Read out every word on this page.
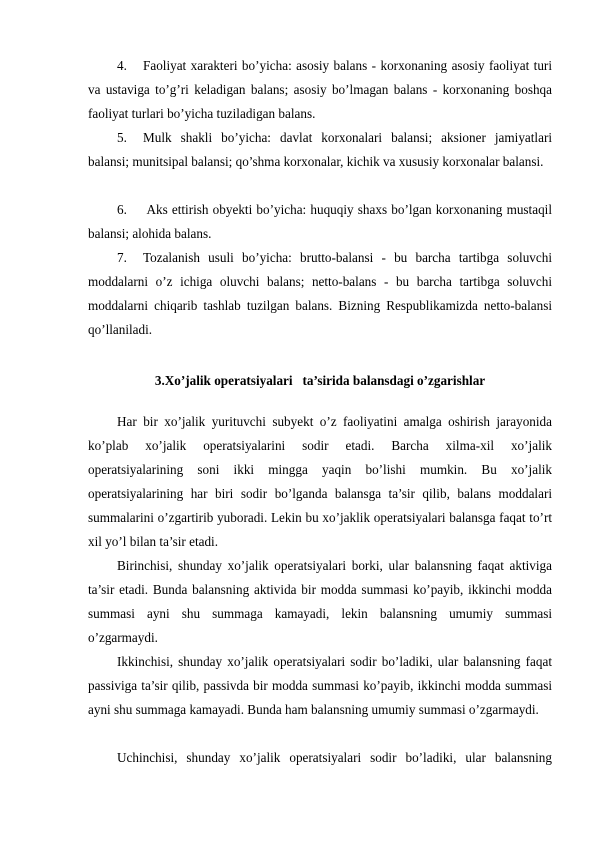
4. Faoliyat xarakteri bo’yicha: asosiy balans - korxonaning asosiy faoliyat turi va ustaviga to’g’ri keladigan balans; asosiy bo’lmagan balans - korxonaning boshqa faoliyat turlari bo’yicha tuziladigan balans.

5. Mulk shakli bo’yicha: davlat korxonalari balansi; aksioner jamiyatlari balansi; munitsipal balansi; qo’shma korxonalar, kichik va xususiy korxonalar balansi.

6. Aks ettirish obyekti bo’yicha: huquqiy shaxs bo’lgan korxonaning mustaqil balansi; alohida balans.

7. Tozalanish usuli bo’yicha: brutto-balansi - bu barcha tartibga soluvchi moddalarni o’z ichiga oluvchi balans; netto-balans - bu barcha tartibga soluvchi moddalarni chiqarib tashlab tuzilgan balans. Bizning Respublikamizda netto-balansi qo’llaniladi.

3.Xo’jalik operatsiyalari ta’sirida balansdagi o’zgarishlar

Har bir xo’jalik yurituvchi subyekt o’z faoliyatini amalga oshirish jarayonida ko’plab xo’jalik operatsiyalarini sodir etadi. Barcha xilma-xil xo’jalik operatsiyalarining soni ikki mingga yaqin bo’lishi mumkin. Bu xo’jalik operatsiyalarining har biri sodir bo’lganda balansga ta’sir qilib, balans moddalari summalarini o’zgartirib yuboradi. Lekin bu xo’jaklik operatsiyalari balansga faqat to’rt xil yo’l bilan ta’sir etadi.

Birinchisi, shunday xo’jalik operatsiyalari borki, ular balansning faqat aktiviga ta’sir etadi. Bunda balansning aktivida bir modda summasi ko’payib, ikkinchi modda summasi ayni shu summaga kamayadi, lekin balansning umumiy summasi o’zgarmaydi.

Ikkinchisi, shunday xo’jalik operatsiyalari sodir bo’ladiki, ular balansning faqat passiviga ta’sir qilib, passivda bir modda summasi ko’payib, ikkinchi modda summasi ayni shu summaga kamayadi. Bunda ham balansning umumiy summasi o’zgarmaydi.

Uchinchisi, shunday xo’jalik operatsiyalari sodir bo’ladiki, ular balansning
